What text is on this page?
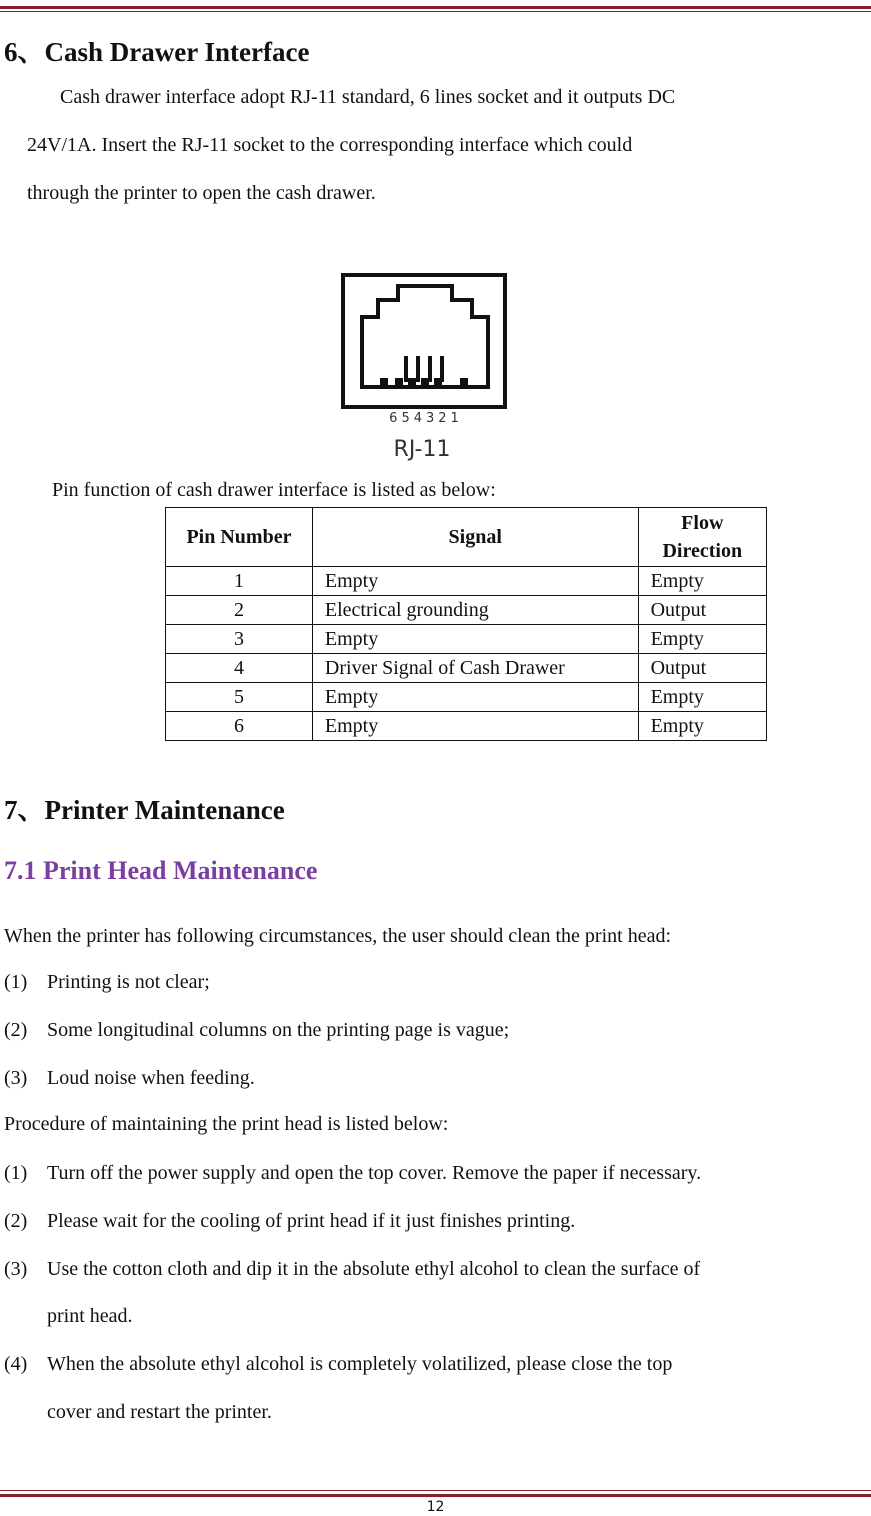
6、Cash Drawer Interface
Cash drawer interface adopt RJ-11 standard, 6 lines socket and it outputs DC
24V/1A. Insert the RJ-11 socket to the corresponding interface which could
through the printer to open the cash drawer.
654321
RJ-11
Pin function of cash drawer interface is listed as below:
Pin Number	Signal	Flow Direction
1	Empty	Empty
2	Electrical grounding	Output
3	Empty	Empty
4	Driver Signal of Cash Drawer	Output
5	Empty	Empty
6	Empty	Empty
7、Printer Maintenance
7.1 Print Head Maintenance
When the printer has following circumstances, the user should clean the print head:
(1) Printing is not clear;
(2) Some longitudinal columns on the printing page is vague;
(3) Loud noise when feeding.
Procedure of maintaining the print head is listed below:
(1) Turn off the power supply and open the top cover. Remove the paper if necessary.
(2) Please wait for the cooling of print head if it just finishes printing.
(3) Use the cotton cloth and dip it in the absolute ethyl alcohol to clean the surface of
print head.
(4) When the absolute ethyl alcohol is completely volatilized, please close the top
cover and restart the printer.
12
